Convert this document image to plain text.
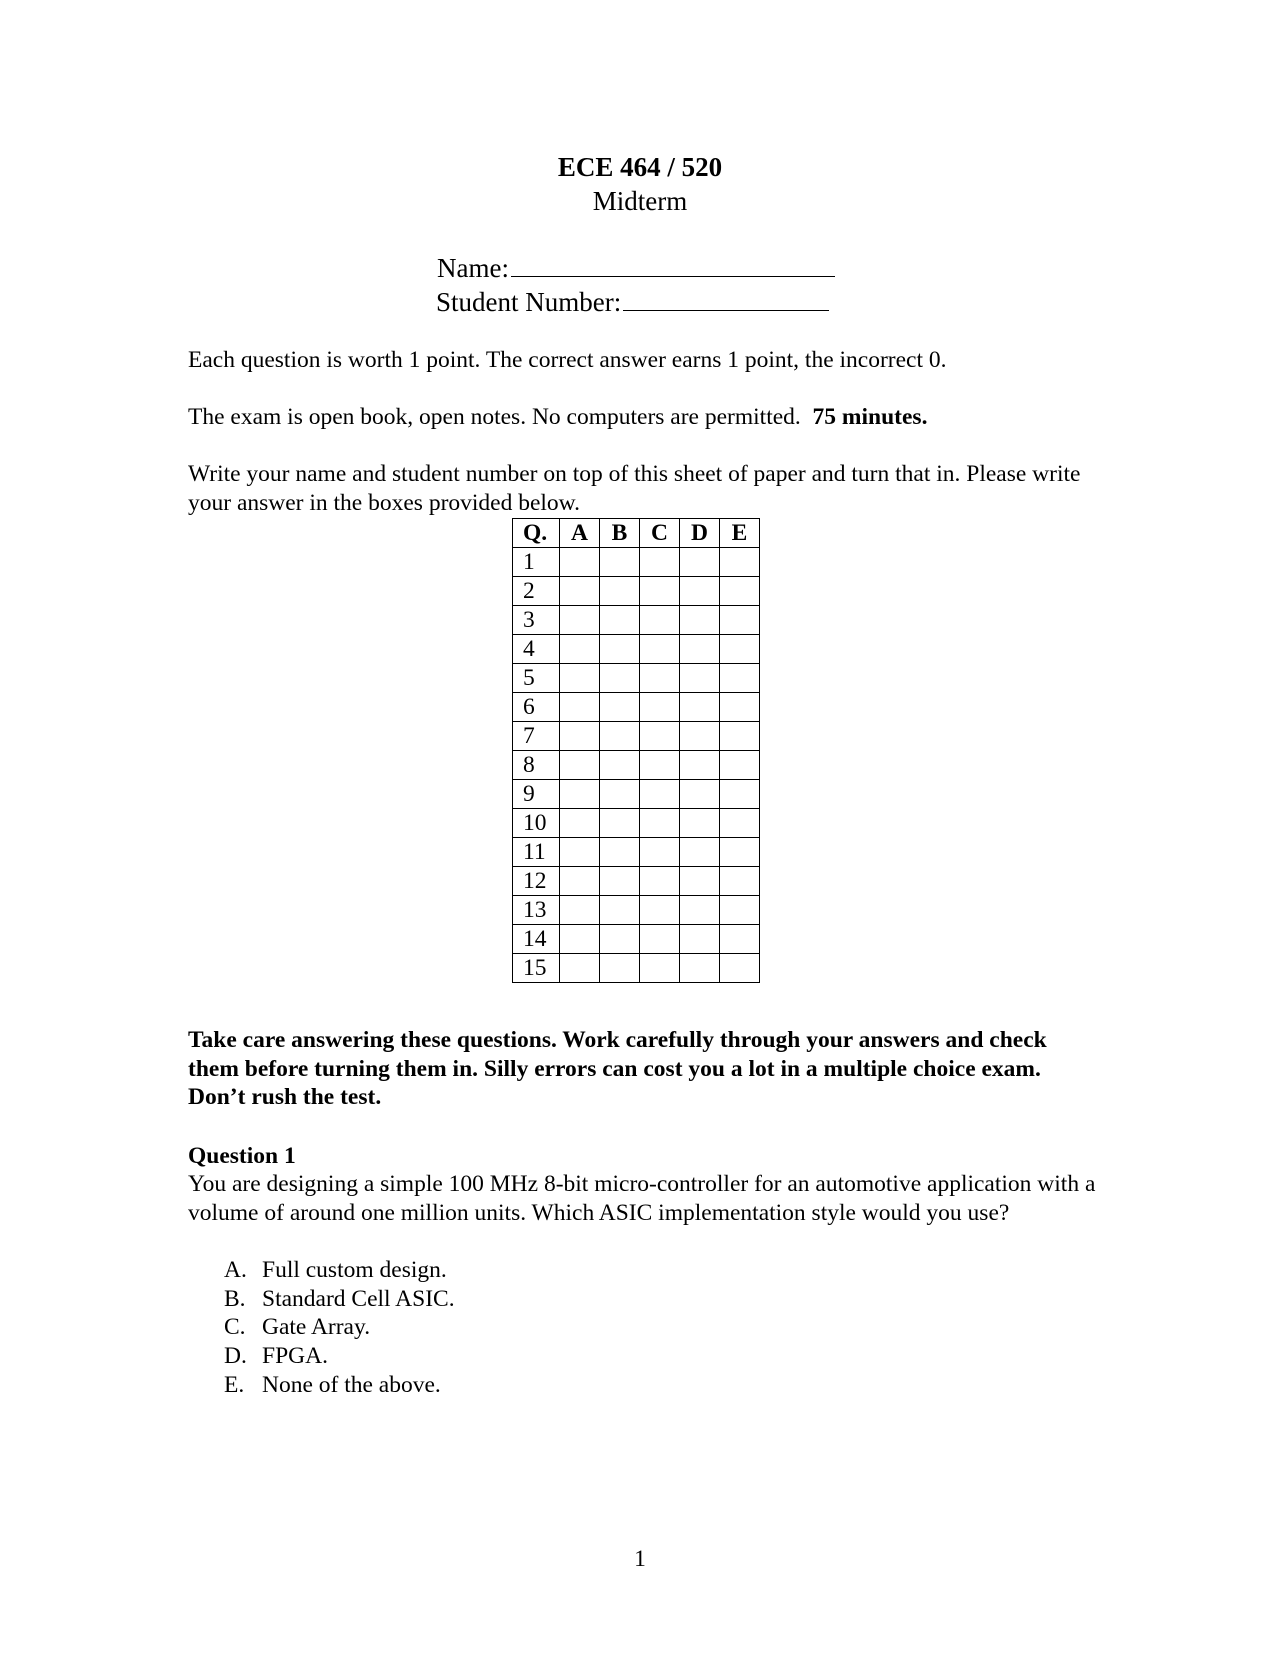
ECE 464 / 520
Midterm
Name:
Student Number:
Each question is worth 1 point. The correct answer earns 1 point, the incorrect 0.
The exam is open book, open notes. No computers are permitted. 75 minutes.
Write your name and student number on top of this sheet of paper and turn that in. Please write your answer in the boxes provided below.
Q.	A	B	C	D	E
1					
2					
3					
4					
5					
6					
7					
8					
9					
10					
11					
12					
13					
14					
15					
Take care answering these questions. Work carefully through your answers and check them before turning them in. Silly errors can cost you a lot in a multiple choice exam. Don’t rush the test.
Question 1
You are designing a simple 100 MHz 8-bit micro-controller for an automotive application with a volume of around one million units. Which ASIC implementation style would you use?
A. Full custom design.
B. Standard Cell ASIC.
C. Gate Array.
D. FPGA.
E. None of the above.
1
